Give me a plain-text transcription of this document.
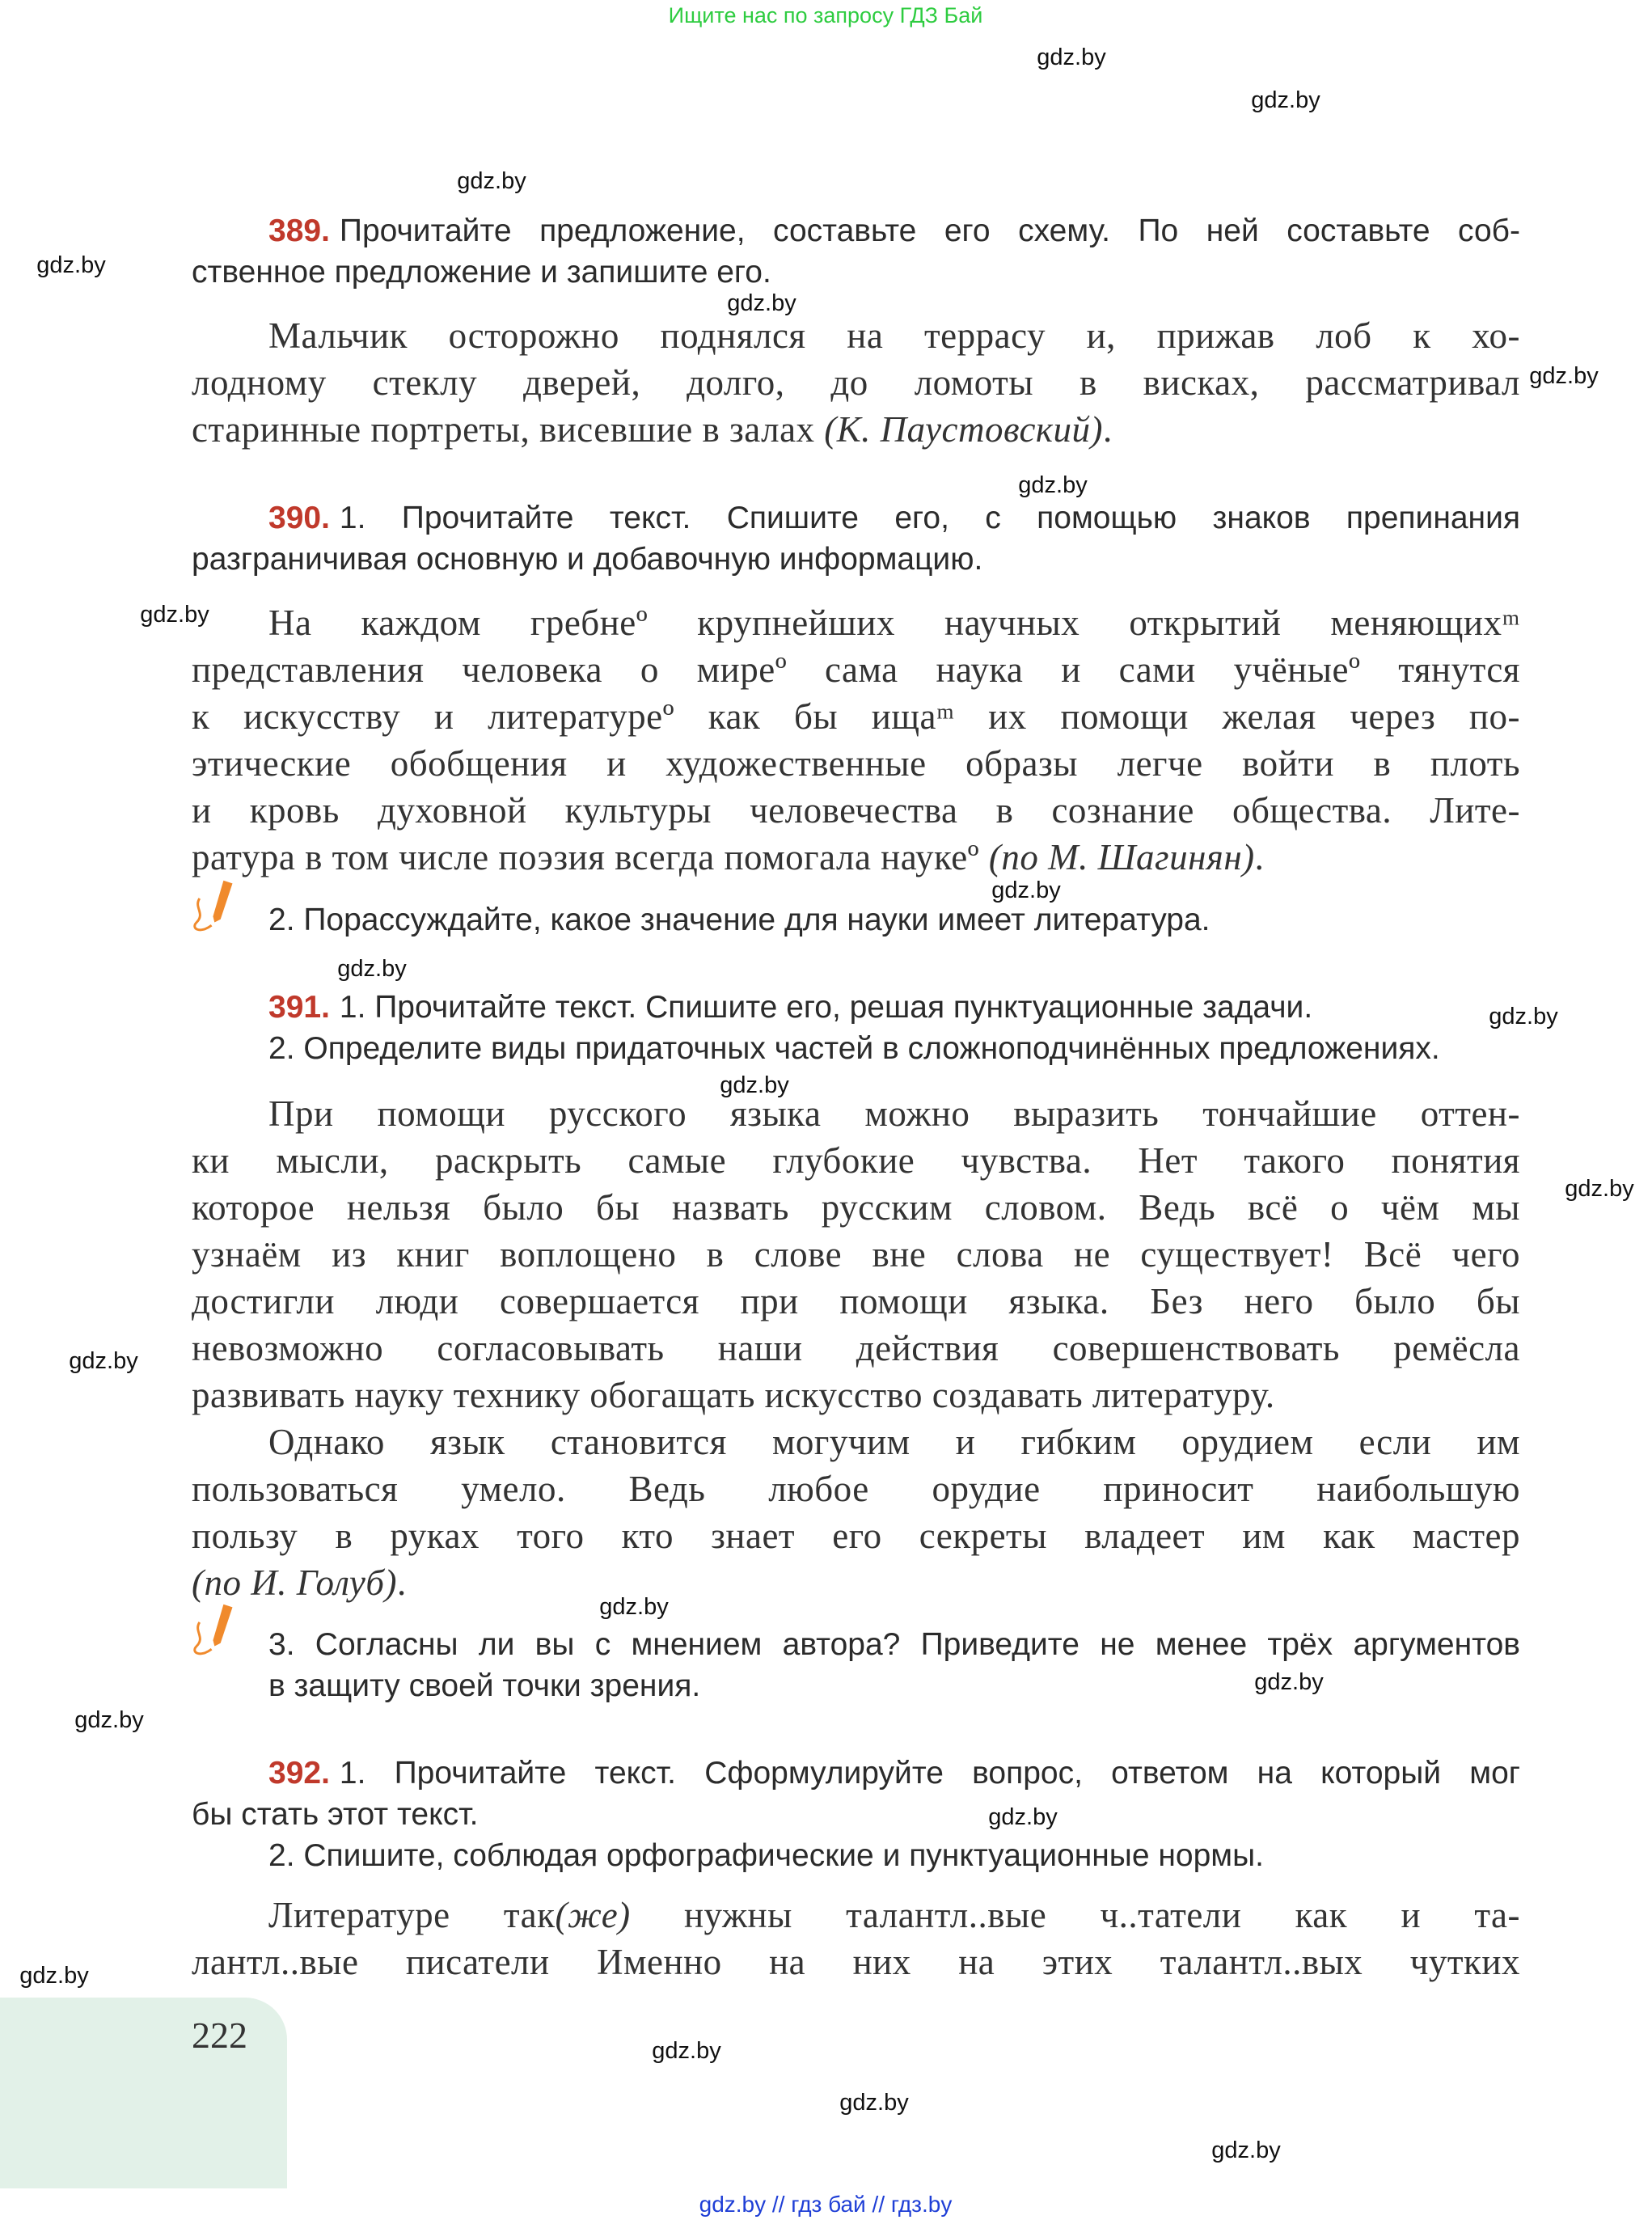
Ищите нас по запросу ГДЗ Бай
gdz.by
gdz.by
gdz.by
gdz.by
gdz.by
gdz.by
gdz.by
gdz.by
gdz.by
gdz.by
gdz.by
gdz.by
gdz.by
gdz.by
gdz.by
gdz.by
gdz.by
gdz.by
gdz.by
gdz.by
gdz.by
gdz.by
389. Прочитайте предложение, составьте его схему. По ней составьте соб-
ственное предложение и запишите его.
Мальчик осторожно поднялся на террасу и, прижав лоб к хо-
лодному стеклу дверей, долго, до ломоты в висках, рассматривал
старинные портреты, висевшие в залах (К. Паустовский).
390. 1. Прочитайте текст. Спишите его, с помощью знаков препинания
разграничивая основную и добавочную информацию.
На каждом гребнеº крупнейших научных открытий меняющихᵐ
представления человека о миреº сама наука и сами учёныеº тянутся
к искусству и литературеº как бы ищаᵐ их помощи желая через по-
этические обобщения и художественные образы легче войти в плоть
и кровь духовной культуры человечества в сознание общества. Лите-
ратура в том числе поэзия всегда помогала наукеº (по М. Шагинян).
2. Порассуждайте, какое значение для науки имеет литература.
391. 1. Прочитайте текст. Спишите его, решая пунктуационные задачи.
2. Определите виды придаточных частей в сложноподчинённых предложениях.
При помощи русского языка можно выразить тончайшие оттен-
ки мысли, раскрыть самые глубокие чувства. Нет такого понятия
которое нельзя было бы назвать русским словом. Ведь всё о чём мы
узнаём из книг воплощено в слове вне слова не существует! Всё чего
достигли люди совершается при помощи языка. Без него было бы
невозможно согласовывать наши действия совершенствовать ремёсла
развивать науку технику обогащать искусство создавать литературу.
Однако язык становится могучим и гибким орудием если им
пользоваться умело. Ведь любое орудие приносит наибольшую
пользу в руках того кто знает его секреты владеет им как мастер
(по И. Голуб).
3. Согласны ли вы с мнением автора? Приведите не менее трёх аргументов
в защиту своей точки зрения.
392. 1. Прочитайте текст. Сформулируйте вопрос, ответом на который мог
бы стать этот текст.
2. Спишите, соблюдая орфографические и пунктуационные нормы.
Литературе так(же) нужны талантл..вые ч..татели как и та-
лантл..вые писатели Именно на них на этих талантл..вых чутких
222
gdz.by // гдз бай // гдз.by
